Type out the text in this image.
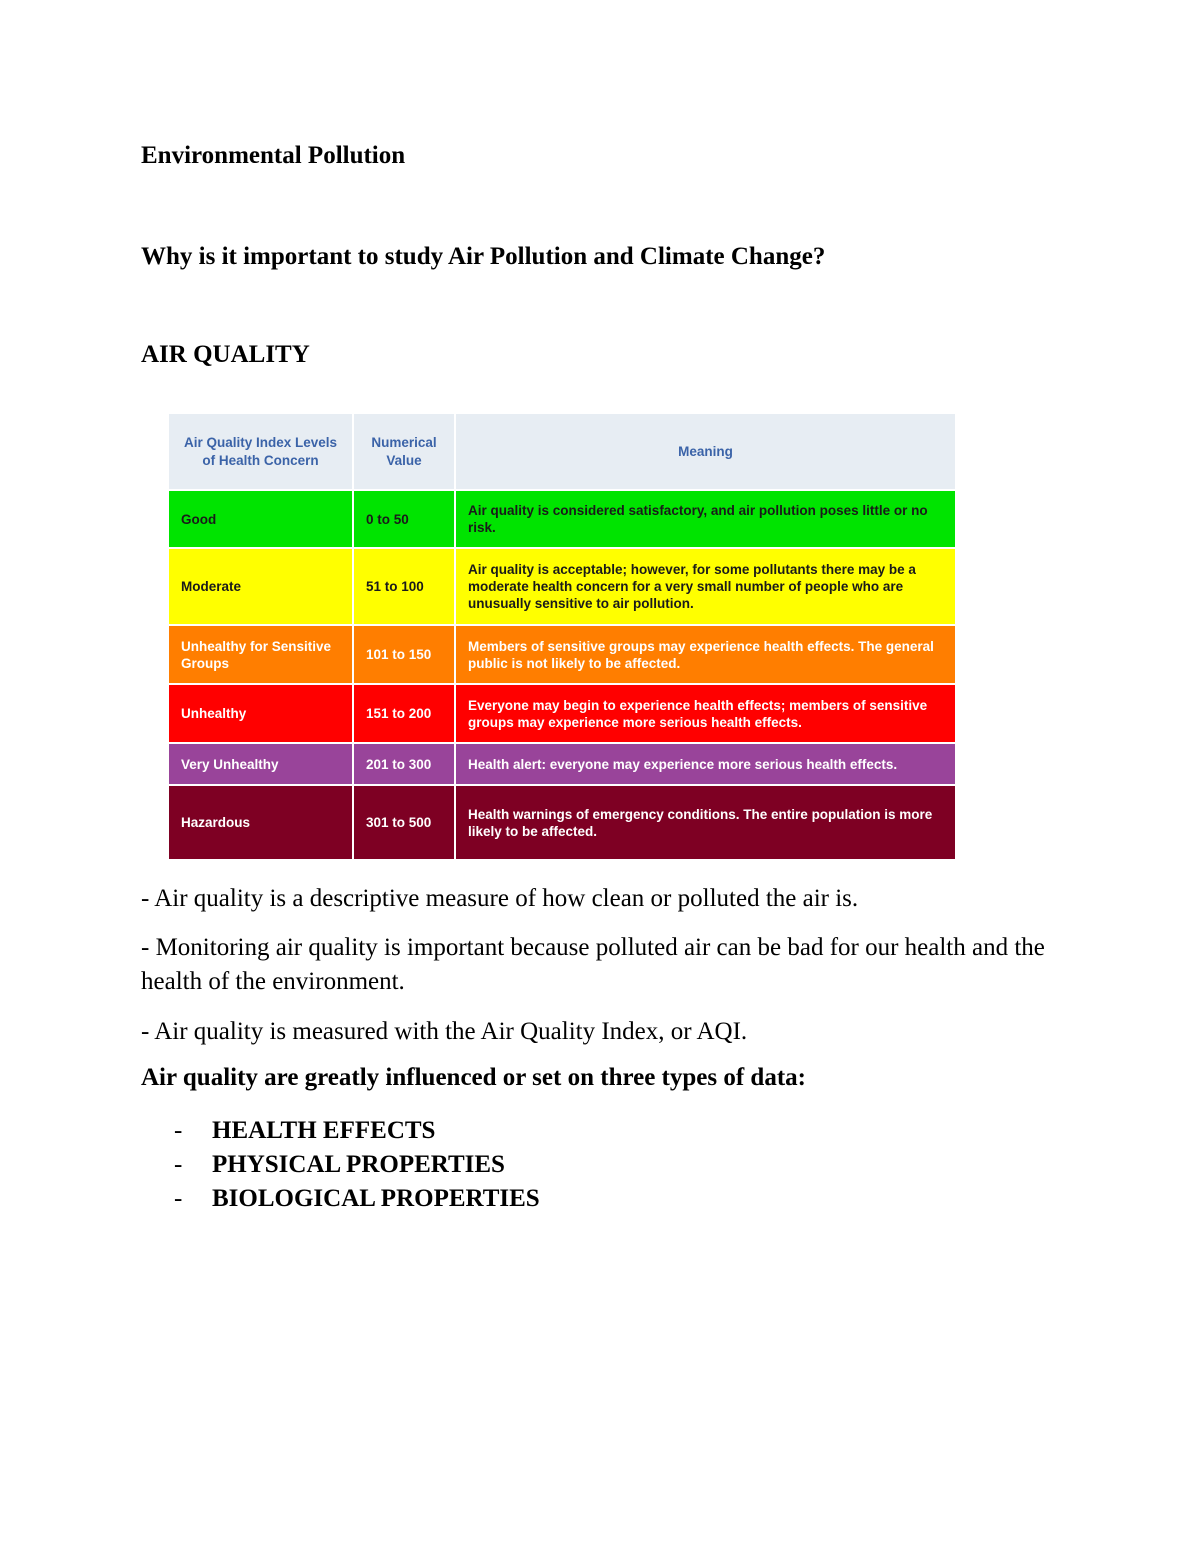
Environmental Pollution
Why is it important to study Air Pollution and Climate Change?
AIR QUALITY
Air Quality Index Levels of Health Concern	Numerical Value	Meaning
Good	0 to 50	Air quality is considered satisfactory, and air pollution poses little or no risk.
Moderate	51 to 100	Air quality is acceptable; however, for some pollutants there may be a moderate health concern for a very small number of people who are unusually sensitive to air pollution.
Unhealthy for Sensitive Groups	101 to 150	Members of sensitive groups may experience health effects. The general public is not likely to be affected.
Unhealthy	151 to 200	Everyone may begin to experience health effects; members of sensitive groups may experience more serious health effects.
Very Unhealthy	201 to 300	Health alert: everyone may experience more serious health effects.
Hazardous	301 to 500	Health warnings of emergency conditions. The entire population is more likely to be affected.

- Air quality is a descriptive measure of how clean or polluted the air is.

- Monitoring air quality is important because polluted air can be bad for our health and the health of the environment.

- Air quality is measured with the Air Quality Index, or AQI.

Air quality are greatly influenced or set on three types of data:

- HEALTH EFFECTS
- PHYSICAL PROPERTIES
- BIOLOGICAL PROPERTIES
